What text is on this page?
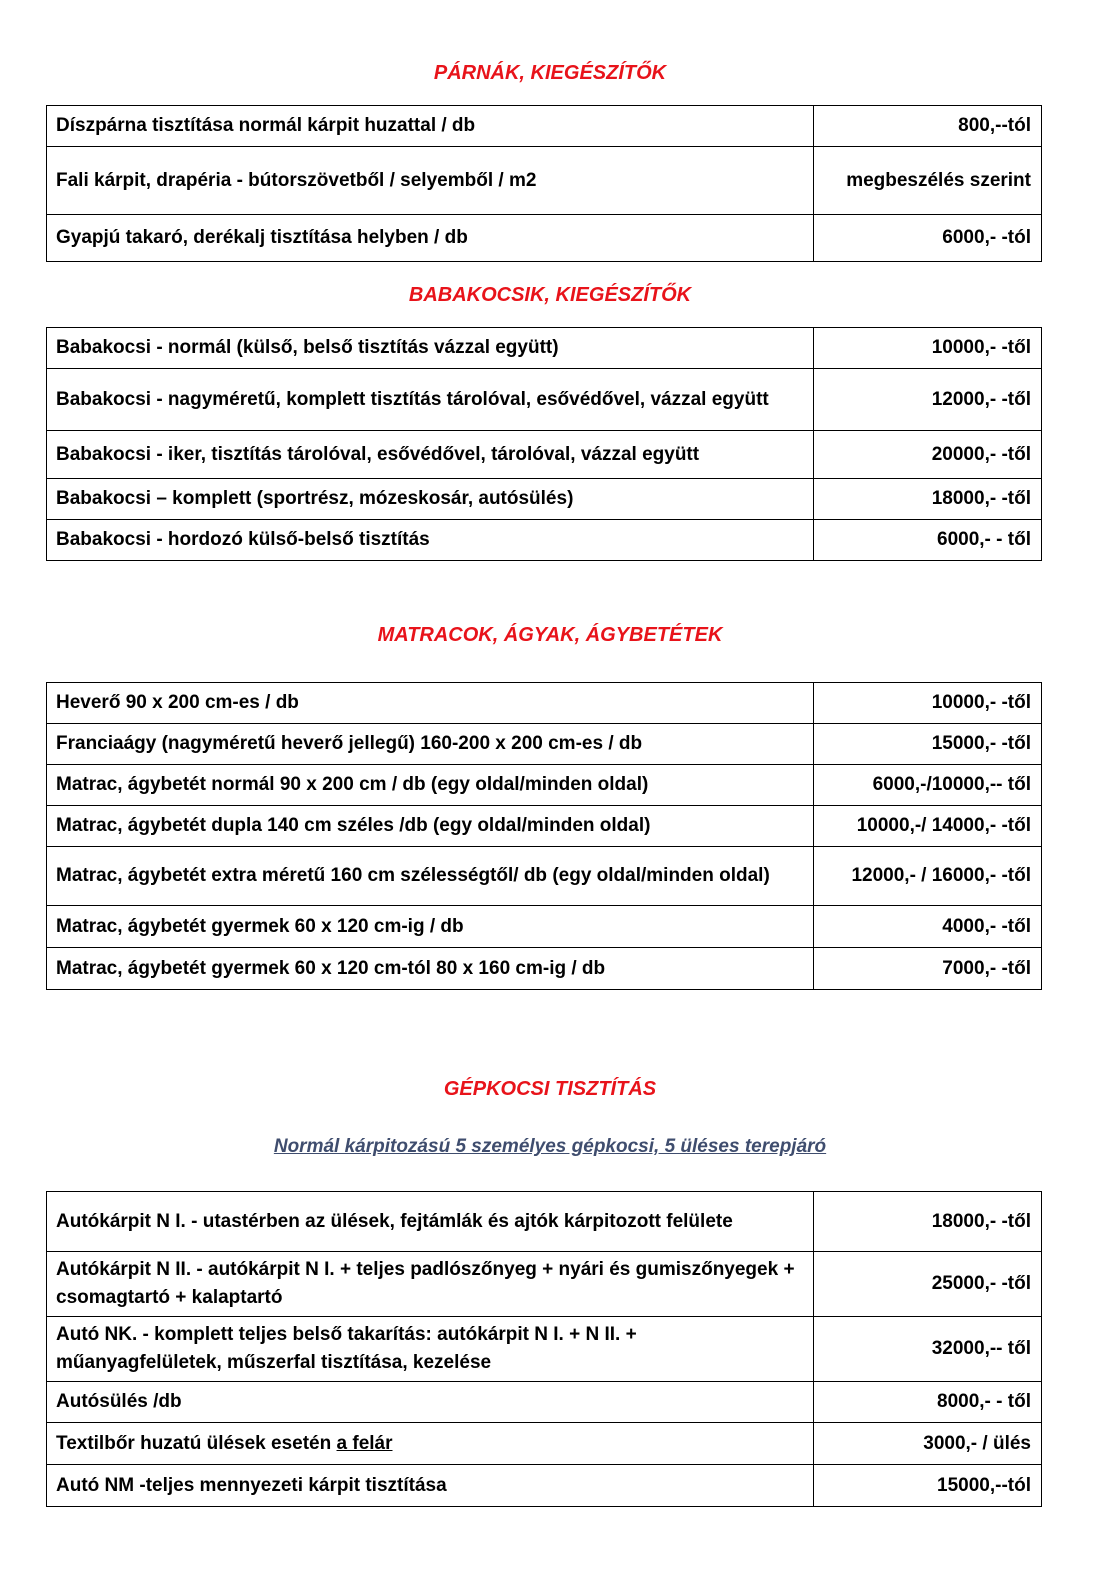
PÁRNÁK, KIEGÉSZÍTŐK
Díszpárna tisztítása normál kárpit huzattal / db	800,--tól
Fali kárpit, drapéria - bútorszövetből / selyemből / m2	megbeszélés szerint
Gyapjú takaró, derékalj tisztítása helyben / db	6000,- -tól
BABAKOCSIK, KIEGÉSZÍTŐK
Babakocsi - normál (külső, belső tisztítás vázzal együtt)	10000,- -től
Babakocsi - nagyméretű, komplett tisztítás tárolóval, esővédővel, vázzal együtt	12000,- -től
Babakocsi - iker, tisztítás tárolóval, esővédővel, tárolóval, vázzal együtt	20000,- -től
Babakocsi – komplett (sportrész, mózeskosár, autósülés)	18000,- -től
Babakocsi - hordozó külső-belső tisztítás	6000,- - től
MATRACOK, ÁGYAK, ÁGYBETÉTEK
Heverő 90 x 200 cm-es / db	10000,- -től
Franciaágy (nagyméretű heverő jellegű) 160-200 x 200 cm-es / db	15000,- -től
Matrac, ágybetét normál 90 x 200 cm / db (egy oldal/minden oldal)	6000,-/10000,-- től
Matrac, ágybetét dupla 140 cm széles /db (egy oldal/minden oldal)	10000,-/ 14000,- -től
Matrac, ágybetét extra méretű 160 cm szélességtől/ db (egy oldal/minden oldal)	12000,- / 16000,- -től
Matrac, ágybetét gyermek 60 x 120 cm-ig / db	4000,- -től
Matrac, ágybetét gyermek 60 x 120 cm-tól 80 x 160 cm-ig / db	7000,- -től
GÉPKOCSI TISZTÍTÁS
Normál kárpitozású 5 személyes gépkocsi, 5 üléses terepjáró
Autókárpit N I. - utastérben az ülések, fejtámlák és ajtók kárpitozott felülete	18000,- -től
Autókárpit N II. - autókárpit N I. + teljes padlószőnyeg + nyári és gumiszőnyegek + csomagtartó + kalaptartó	25000,- -től
Autó NK. - komplett teljes belső takarítás: autókárpit N I. + N II. + műanyagfelületek, műszerfal tisztítása, kezelése	32000,-- től
Autósülés /db	8000,- - től
Textilbőr huzatú ülések esetén a felár	3000,- / ülés
Autó NM -teljes mennyezeti kárpit tisztítása	15000,--tól
